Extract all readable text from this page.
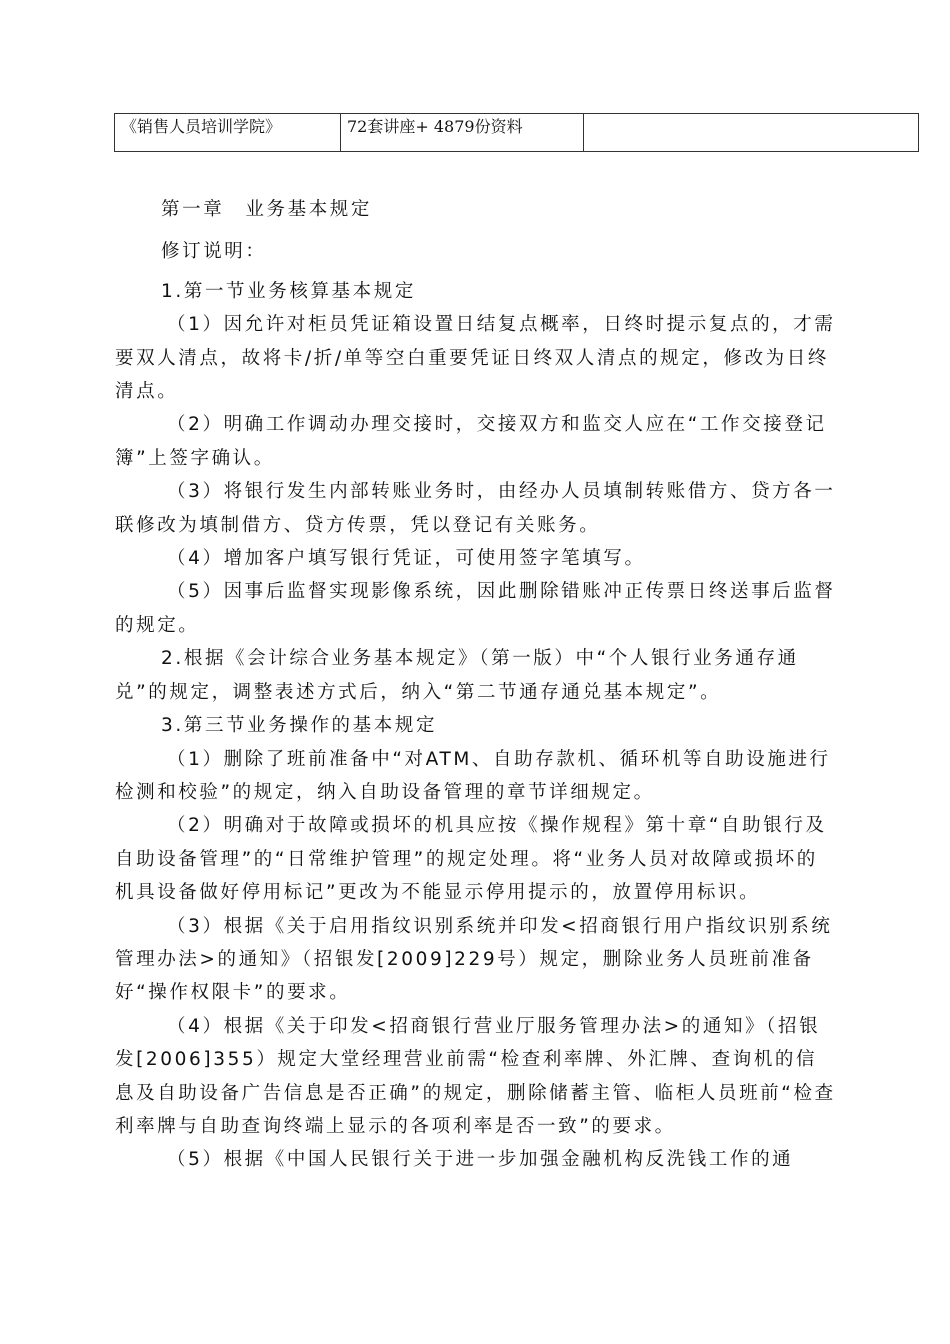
《销售人员培训学院》	72套讲座+ 4879份资料	

第一章　业务基本规定

修订说明：

1.第一节业务核算基本规定

（1）因允许对柜员凭证箱设置日结复点概率，日终时提示复点的，才需要双人清点，故将卡/折/单等空白重要凭证日终双人清点的规定，修改为日终清点。

（2）明确工作调动办理交接时，交接双方和监交人应在“工作交接登记簿”上签字确认。

（3）将银行发生内部转账业务时，由经办人员填制转账借方、贷方各一联修改为填制借方、贷方传票，凭以登记有关账务。

（4）增加客户填写银行凭证，可使用签字笔填写。

（5）因事后监督实现影像系统，因此删除错账冲正传票日终送事后监督的规定。

2.根据《会计综合业务基本规定》（第一版）中“个人银行业务通存通兑”的规定，调整表述方式后，纳入“第二节通存通兑基本规定”。

3.第三节业务操作的基本规定

（1）删除了班前准备中“对ATM、自助存款机、循环机等自助设施进行检测和校验”的规定，纳入自助设备管理的章节详细规定。

（2）明确对于故障或损坏的机具应按《操作规程》第十章“自助银行及自助设备管理”的“日常维护管理”的规定处理。将“业务人员对故障或损坏的机具设备做好停用标记”更改为不能显示停用提示的，放置停用标识。

（3）根据《关于启用指纹识别系统并印发<招商银行用户指纹识别系统管理办法>的通知》（招银发[2009]229号）规定，删除业务人员班前准备好“操作权限卡”的要求。

（4）根据《关于印发<招商银行营业厅服务管理办法>的通知》（招银发[2006]355）规定大堂经理营业前需“检查利率牌、外汇牌、查询机的信息及自助设备广告信息是否正确”的规定，删除储蓄主管、临柜人员班前“检查利率牌与自助查询终端上显示的各项利率是否一致”的要求。

（5）根据《中国人民银行关于进一步加强金融机构反洗钱工作的通
